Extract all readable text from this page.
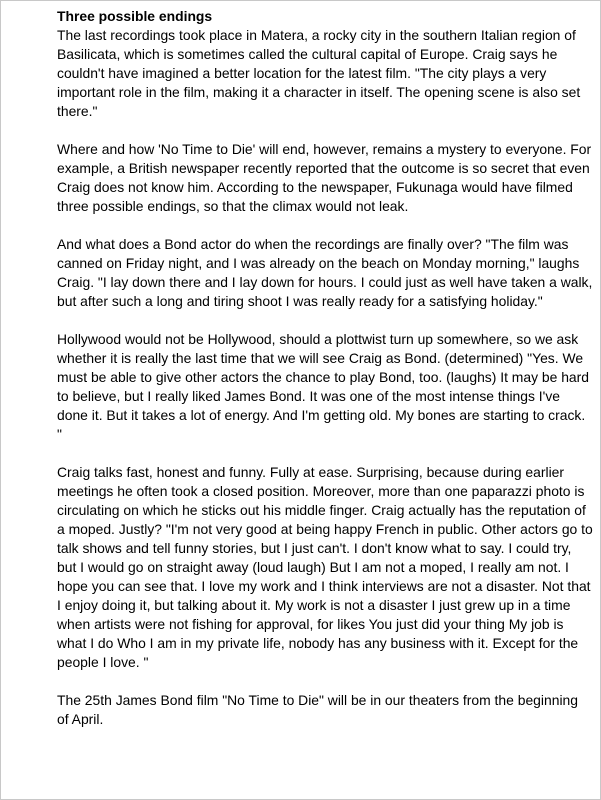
Three possible endings

The last recordings took place in Matera, a rocky city in the southern Italian region of Basilicata, which is sometimes called the cultural capital of Europe. Craig says he couldn't have imagined a better location for the latest film. "The city plays a very important role in the film, making it a character in itself. The opening scene is also set there."

Where and how 'No Time to Die' will end, however, remains a mystery to everyone. For example, a British newspaper recently reported that the outcome is so secret that even Craig does not know him. According to the newspaper, Fukunaga would have filmed three possible endings, so that the climax would not leak.

And what does a Bond actor do when the recordings are finally over? "The film was canned on Friday night, and I was already on the beach on Monday morning," laughs Craig. "I lay down there and I lay down for hours. I could just as well have taken a walk, but after such a long and tiring shoot I was really ready for a satisfying holiday."

Hollywood would not be Hollywood, should a plottwist turn up somewhere, so we ask whether it is really the last time that we will see Craig as Bond. (determined) "Yes. We must be able to give other actors the chance to play Bond, too. (laughs) It may be hard to believe, but I really liked James Bond. It was one of the most intense things I've done it. But it takes a lot of energy. And I'm getting old. My bones are starting to crack. "

Craig talks fast, honest and funny. Fully at ease. Surprising, because during earlier meetings he often took a closed position. Moreover, more than one paparazzi photo is circulating on which he sticks out his middle finger. Craig actually has the reputation of a moped. Justly? "I'm not very good at being happy French in public. Other actors go to talk shows and tell funny stories, but I just can't. I don't know what to say. I could try, but I would go on straight away (loud laugh) But I am not a moped, I really am not. I hope you can see that. I love my work and I think interviews are not a disaster. Not that I enjoy doing it, but talking about it. My work is not a disaster I just grew up in a time when artists were not fishing for approval, for likes You just did your thing My job is what I do Who I am in my private life, nobody has any business with it. Except for the people I love. "

The 25th James Bond film "No Time to Die" will be in our theaters from the beginning of April.
